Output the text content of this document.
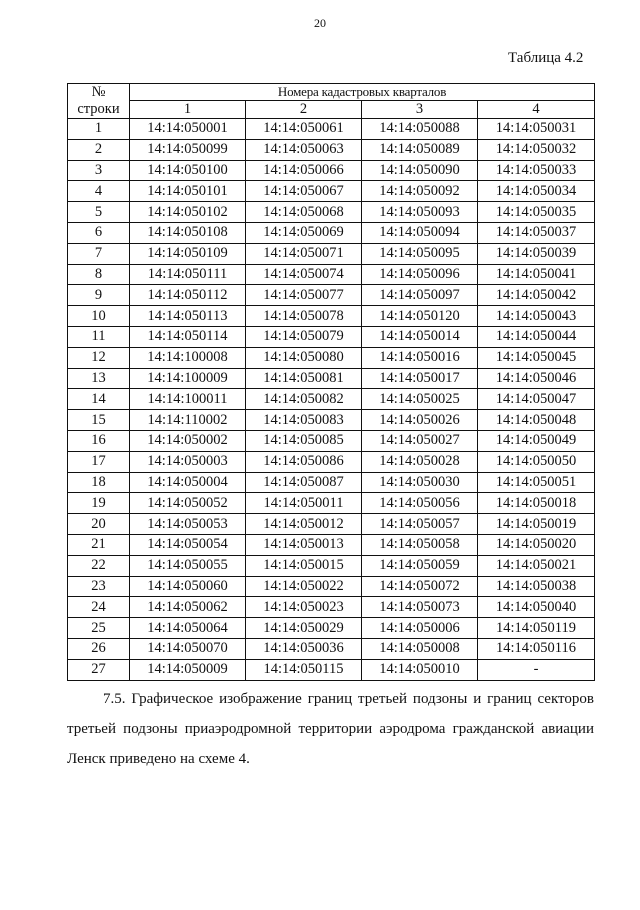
20
Таблица 4.2
№
строки	Номера кадастровых кварталов			
	1	2	3	4
1	14:14:050001	14:14:050061	14:14:050088	14:14:050031
2	14:14:050099	14:14:050063	14:14:050089	14:14:050032
3	14:14:050100	14:14:050066	14:14:050090	14:14:050033
4	14:14:050101	14:14:050067	14:14:050092	14:14:050034
5	14:14:050102	14:14:050068	14:14:050093	14:14:050035
6	14:14:050108	14:14:050069	14:14:050094	14:14:050037
7	14:14:050109	14:14:050071	14:14:050095	14:14:050039
8	14:14:050111	14:14:050074	14:14:050096	14:14:050041
9	14:14:050112	14:14:050077	14:14:050097	14:14:050042
10	14:14:050113	14:14:050078	14:14:050120	14:14:050043
11	14:14:050114	14:14:050079	14:14:050014	14:14:050044
12	14:14:100008	14:14:050080	14:14:050016	14:14:050045
13	14:14:100009	14:14:050081	14:14:050017	14:14:050046
14	14:14:100011	14:14:050082	14:14:050025	14:14:050047
15	14:14:110002	14:14:050083	14:14:050026	14:14:050048
16	14:14:050002	14:14:050085	14:14:050027	14:14:050049
17	14:14:050003	14:14:050086	14:14:050028	14:14:050050
18	14:14:050004	14:14:050087	14:14:050030	14:14:050051
19	14:14:050052	14:14:050011	14:14:050056	14:14:050018
20	14:14:050053	14:14:050012	14:14:050057	14:14:050019
21	14:14:050054	14:14:050013	14:14:050058	14:14:050020
22	14:14:050055	14:14:050015	14:14:050059	14:14:050021
23	14:14:050060	14:14:050022	14:14:050072	14:14:050038
24	14:14:050062	14:14:050023	14:14:050073	14:14:050040
25	14:14:050064	14:14:050029	14:14:050006	14:14:050119
26	14:14:050070	14:14:050036	14:14:050008	14:14:050116
27	14:14:050009	14:14:050115	14:14:050010	-
7.5. Графическое изображение границ третьей подзоны и границ секторов третьей подзоны приаэродромной территории аэродрома гражданской авиации Ленск приведено на схеме 4.
